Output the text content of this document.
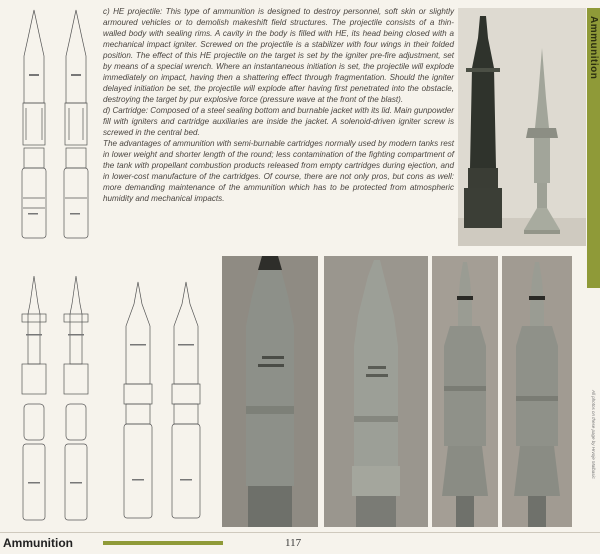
c) HE projectile: This type of ammunition is designed to destroy personnel, soft skin or slightly armoured vehicles or to demolish makeshift field structures. The projectile consists of a thin-walled body with sealing rims. A cavity in the body is filled with HE, its head being closed with a mechanical impact igniter. Screwed on the projectile is a stabilizer with four wings in their folded position. The effect of this HE projectile on the target is set by the igniter pre-fire adjustment, set by means of a special wrench. Where an instantaneous initiation is set, the projectile will explode immediately on impact, having then a shattering effect through fragmentation. Should the igniter delayed initiation be set, the projectile will explode after having first penetrated into the obstacle, destroying the target by pur explosive force (pressure wave at the front of the blast).

d) Cartridge: Composed of a steel sealing bottom and burnable jacket with its lid. Main gunpowder fill with igniters and cartridge auxiliaries are inside the jacket. A solenoid-driven igniter screw is screwed in the central bed.

The advantages of ammunition with semi-burnable cartridges normally used by modern tanks rest in lower weight and shorter length of the round; less contamination of the fighting compartment of the tank with propellant combustion products released from empty cartridges during ejection, and in lower-cost manufacture of the cartridges. Of course, there are not only pros, but cons as well: more demanding maintenance of the ammunition which has to be protected from atmospheric humidity and mechanical impacts.

Ammunition
All photos on these page by Hrvoje Malbasic
Ammunition	117
